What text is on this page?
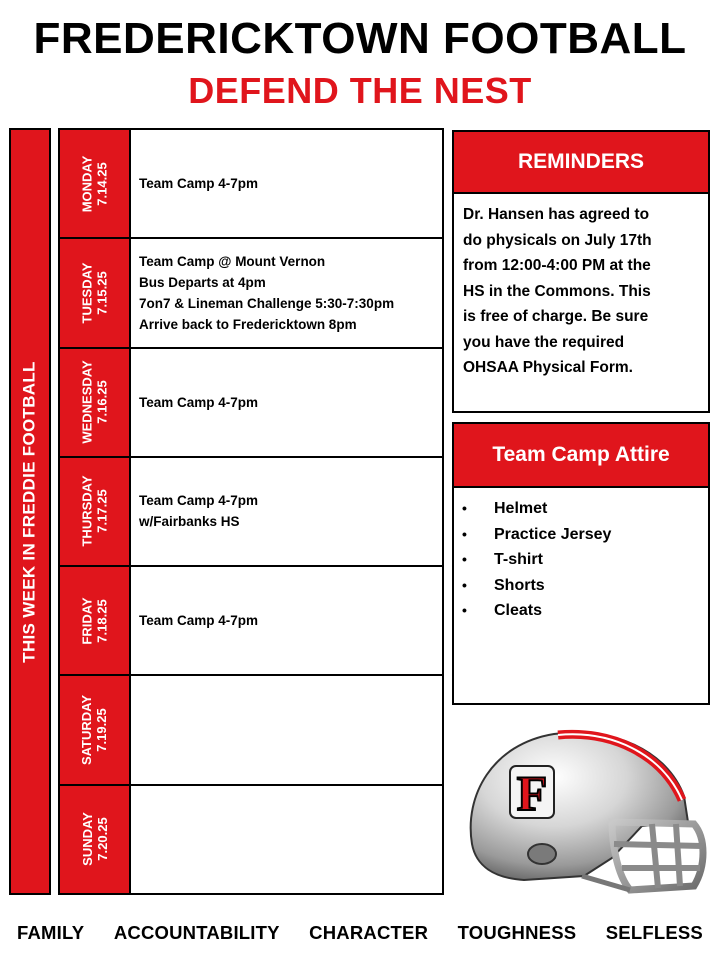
FREDERICKTOWN FOOTBALL
DEFEND THE NEST
THIS WEEK IN FREDDIE FOOTBALL
MONDAY 7.14.25 Team Camp 4-7pm
TUESDAY 7.15.25
Team Camp @ Mount Vernon
Bus Departs at 4pm
7on7 & Lineman Challenge 5:30-7:30pm
Arrive back to Fredericktown 8pm
WEDNESDAY 7.16.25 Team Camp 4-7pm
THURSDAY 7.17.25 Team Camp 4-7pm
w/Fairbanks HS
FRIDAY 7.18.25 Team Camp 4-7pm
SATURDAY 7.19.25
SUNDAY 7.20.25
REMINDERS
Dr. Hansen has agreed to
do physicals on July 17th
from 12:00-4:00 PM at the
HS in the Commons. This
is free of charge. Be sure
you have the required
OHSAA Physical Form.
Team Camp Attire
•	Helmet
•	Practice Jersey
•	T-shirt
•	Shorts
•	Cleats
F
FAMILY ACCOUNTABILITY CHARACTER TOUGHNESS SELFLESS
